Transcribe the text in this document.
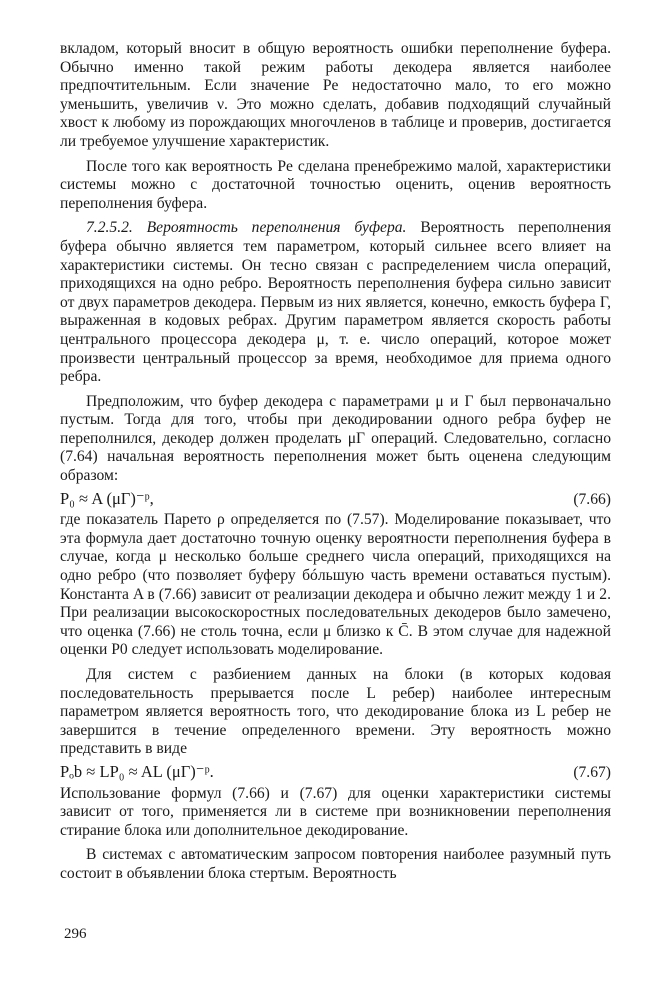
вкладом, который вносит в общую вероятность ошибки переполнение буфера. Обычно именно такой режим работы декодера является наиболее предпочтительным. Если значение Pe недостаточно мало, то его можно уменьшить, увеличив ν. Это можно сделать, добавив подходящий случайный хвост к любому из порождающих многочленов в таблице и проверив, достигается ли требуемое улучшение характеристик.

После того как вероятность Pe сделана пренебрежимо малой, характеристики системы можно с достаточной точностью оценить, оценив вероятность переполнения буфера.

7.2.5.2. Вероятность переполнения буфера. Вероятность переполнения буфера обычно является тем параметром, который сильнее всего влияет на характеристики системы. Он тесно связан с распределением числа операций, приходящихся на одно ребро. Вероятность переполнения буфера сильно зависит от двух параметров декодера. Первым из них является, конечно, емкость буфера Г, выраженная в кодовых ребрах. Другим параметром является скорость работы центрального процессора декодера μ, т. е. число операций, которое может произвести центральный процессор за время, необходимое для приема одного ребра.

Предположим, что буфер декодера с параметрами μ и Г был первоначально пустым. Тогда для того, чтобы при декодировании одного ребра буфер не переполнился, декодер должен проделать μГ операций. Следовательно, согласно (7.64) начальная вероятность переполнения может быть оценена следующим образом:

P₀ ≈ A (μГ)⁻ᵖ,	(7.66)

где показатель Парето ρ определяется по (7.57). Моделирование показывает, что эта формула дает достаточно точную оценку вероятности переполнения буфера в случае, когда μ несколько больше среднего числа операций, приходящихся на одно ребро (что позволяет буферу бóльшую часть времени оставаться пустым). Константа A в (7.66) зависит от реализации декодера и обычно лежит между 1 и 2. При реализации высокоскоростных последовательных декодеров было замечено, что оценка (7.66) не столь точна, если μ близко к C̄. В этом случае для надежной оценки P0 следует использовать моделирование.

Для систем с разбиением данных на блоки (в которых кодовая последовательность прерывается после L ребер) наиболее интересным параметром является вероятность того, что декодирование блока из L ребер не завершится в течение определенного времени. Эту вероятность можно представить в виде

Pₒb ≈ LP₀ ≈ AL (μГ)⁻ᵖ.	(7.67)

Использование формул (7.66) и (7.67) для оценки характеристики системы зависит от того, применяется ли в системе при возникновении переполнения стирание блока или дополнительное декодирование.

В системах с автоматическим запросом повторения наиболее разумный путь состоит в объявлении блока стертым. Вероятность

296
